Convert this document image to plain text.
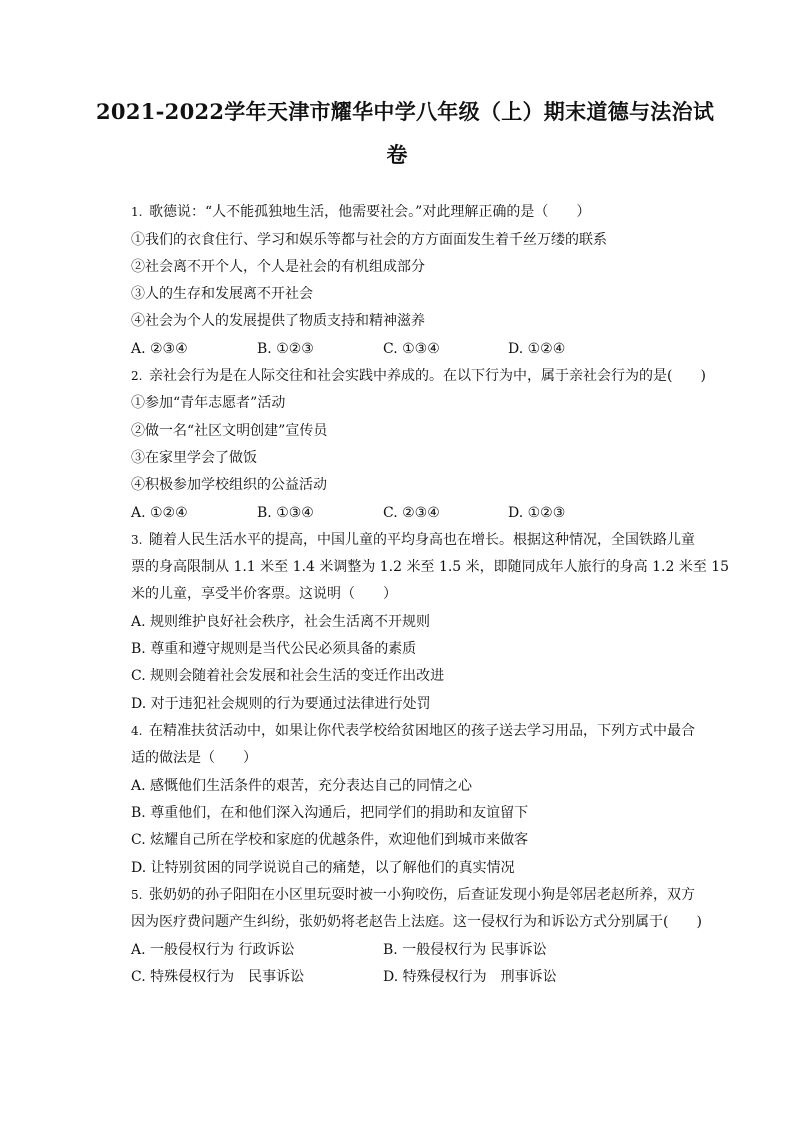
2021-2022学年天津市耀华中学八年级（上）期末道德与法治试
卷
1. 歌德说：“人不能孤独地生活，他需要社会。”对此理解正确的是（　　）
①我们的衣食住行、学习和娱乐等都与社会的方方面面发生着千丝万缕的联系
②社会离不开个人，个人是社会的有机组成部分
③人的生存和发展离不开社会
④社会为个人的发展提供了物质支持和精神滋养
A. ②③④	B. ①②③	C. ①③④	D. ①②④
2. 亲社会行为是在人际交往和社会实践中养成的。在以下行为中，属于亲社会行为的是(　　)
①参加“青年志愿者”活动
②做一名“社区文明创建”宣传员
③在家里学会了做饭
④积极参加学校组织的公益活动
A. ①②④	B. ①③④	C. ②③④	D. ①②③
3. 随着人民生活水平的提高，中国儿童的平均身高也在增长。根据这种情况，全国铁路儿童
票的身高限制从 1.1 米至 1.4 米调整为 1.2 米至 1.5 米，即随同成年人旅行的身高 1.2 米至 15
米的儿童，享受半价客票。这说明（　　）
A. 规则维护良好社会秩序，社会生活离不开规则
B. 尊重和遵守规则是当代公民必须具备的素质
C. 规则会随着社会发展和社会生活的变迁作出改进
D. 对于违犯社会规则的行为要通过法律进行处罚
4. 在精准扶贫活动中，如果让你代表学校给贫困地区的孩子送去学习用品，下列方式中最合
适的做法是（　　）
A. 感慨他们生活条件的艰苦，充分表达自己的同情之心
B. 尊重他们，在和他们深入沟通后，把同学们的捐助和友谊留下
C. 炫耀自己所在学校和家庭的优越条件，欢迎他们到城市来做客
D. 让特别贫困的同学说说自己的痛楚，以了解他们的真实情况
5. 张奶奶的孙子阳阳在小区里玩耍时被一小狗咬伤，后查证发现小狗是邻居老赵所养，双方
因为医疗费问题产生纠纷，张奶奶将老赵告上法庭。这一侵权行为和诉讼方式分别属于(　　)
A. 一般侵权行为 行政诉讼	B. 一般侵权行为 民事诉讼
C. 特殊侵权行为　民事诉讼	D. 特殊侵权行为　刑事诉讼
